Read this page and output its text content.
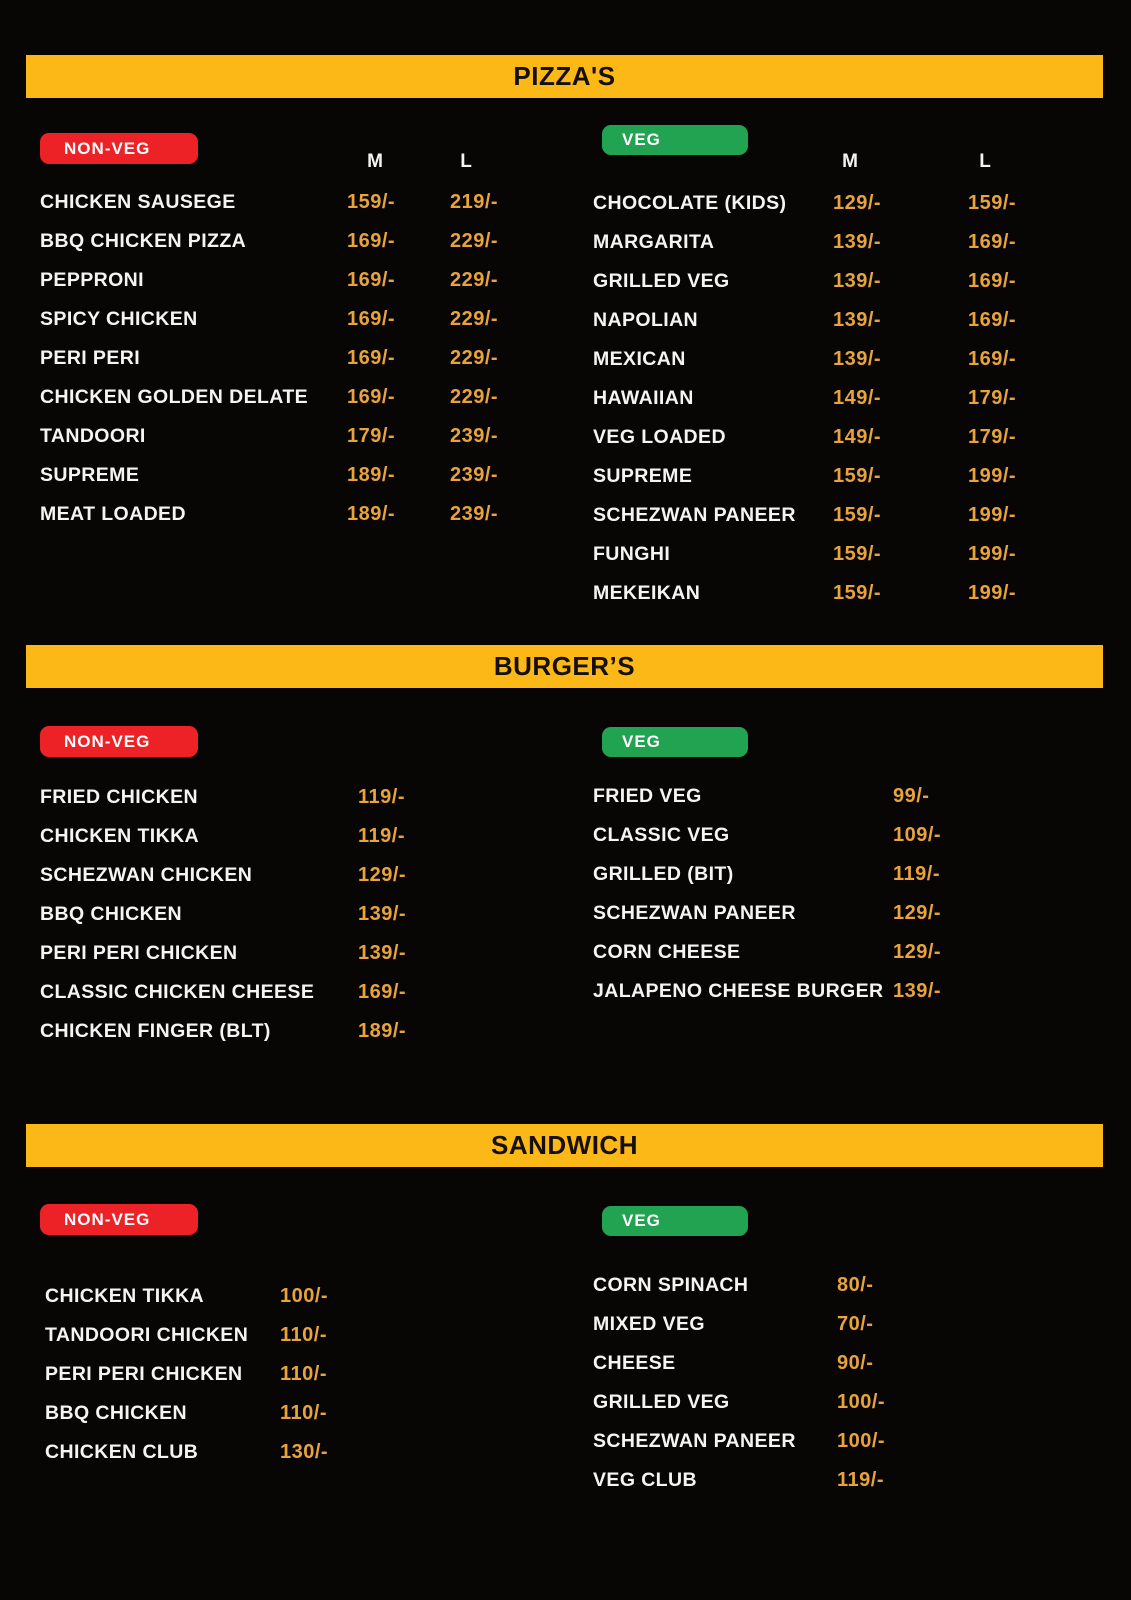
PIZZA'S
NON-VEG
M	L
CHICKEN SAUSEGE	159/-	219/-
BBQ CHICKEN PIZZA	169/-	229/-
PEPPRONI	169/-	229/-
SPICY CHICKEN	169/-	229/-
PERI PERI	169/-	229/-
CHICKEN GOLDEN DELATE 169/-	229/-
TANDOORI	179/-	239/-
SUPREME	189/-	239/-
MEAT LOADED	189/-	239/-
VEG
M	L
CHOCOLATE (KIDS) 129/-	159/-
MARGARITA	139/-	169/-
GRILLED VEG	139/-	169/-
NAPOLIAN	139/-	169/-
MEXICAN	139/-	169/-
HAWAIIAN	149/-	179/-
VEG LOADED	149/-	179/-
SUPREME	159/-	199/-
SCHEZWAN PANEER 159/-	199/-
FUNGHI	159/-	199/-
MEKEIKAN	159/-	199/-
BURGER’S
NON-VEG
FRIED CHICKEN	119/-
CHICKEN TIKKA	119/-
SCHEZWAN CHICKEN	129/-
BBQ CHICKEN	139/-
PERI PERI CHICKEN	139/-
CLASSIC CHICKEN CHEESE 169/-
CHICKEN FINGER (BLT)	189/-
VEG
FRIED VEG	99/-
CLASSIC VEG	109/-
GRILLED (BIT)	119/-
SCHEZWAN PANEER	129/-
CORN CHEESE	129/-
JALAPENO CHEESE BURGER 139/-
SANDWICH
NON-VEG
CHICKEN TIKKA	100/-
TANDOORI CHICKEN 110/-
PERI PERI CHICKEN 110/-
BBQ CHICKEN	110/-
CHICKEN CLUB	130/-
VEG
CORN SPINACH	80/-
MIXED VEG	70/-
CHEESE	90/-
GRILLED VEG	100/-
SCHEZWAN PANEER 100/-
VEG CLUB	119/-
